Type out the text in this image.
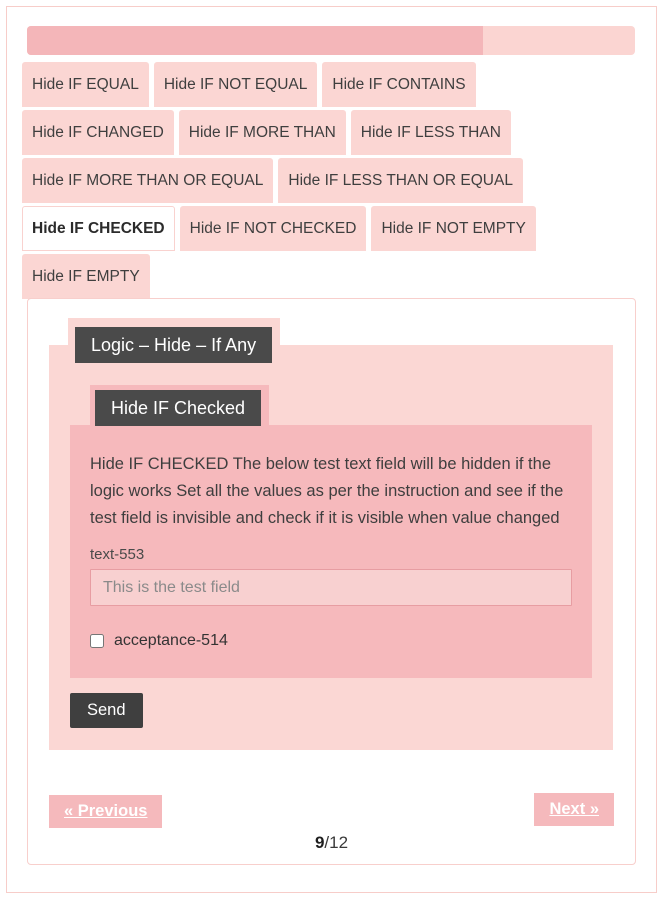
Hide IF EQUAL	Hide IF NOT EQUAL	Hide IF CONTAINS
Hide IF CHANGED	Hide IF MORE THAN	Hide IF LESS THAN
Hide IF MORE THAN OR EQUAL	Hide IF LESS THAN OR EQUAL
Hide IF CHECKED	Hide IF NOT CHECKED	Hide IF NOT EMPTY
Hide IF EMPTY
Logic – Hide – If Any
Hide IF Checked

Hide IF CHECKED The below test text field will be hidden if the logic works Set all the values as per the instruction and see if the test field is invisible and check if it is visible when value changed

text-553
This is the test field
acceptance-514
Send
« Previous	Next »
9/12
